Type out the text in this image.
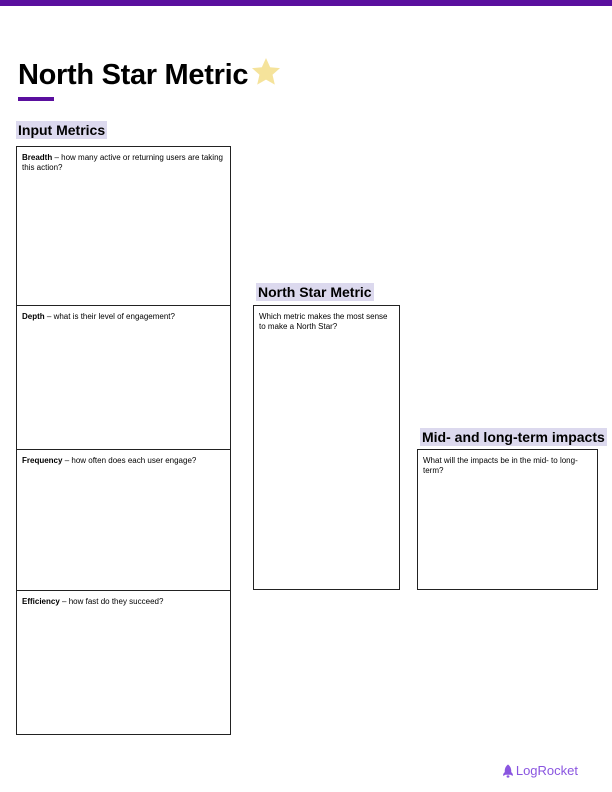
North Star Metric
Input Metrics
Breadth – how many active or returning users are taking this action?
Depth – what is their level of engagement?
Frequency – how often does each user engage?
Efficiency – how fast do they succeed?
North Star Metric
Which metric makes the most sense to make a North Star?
Mid- and long-term impacts
What will the impacts be in the mid- to long-term?
LogRocket
